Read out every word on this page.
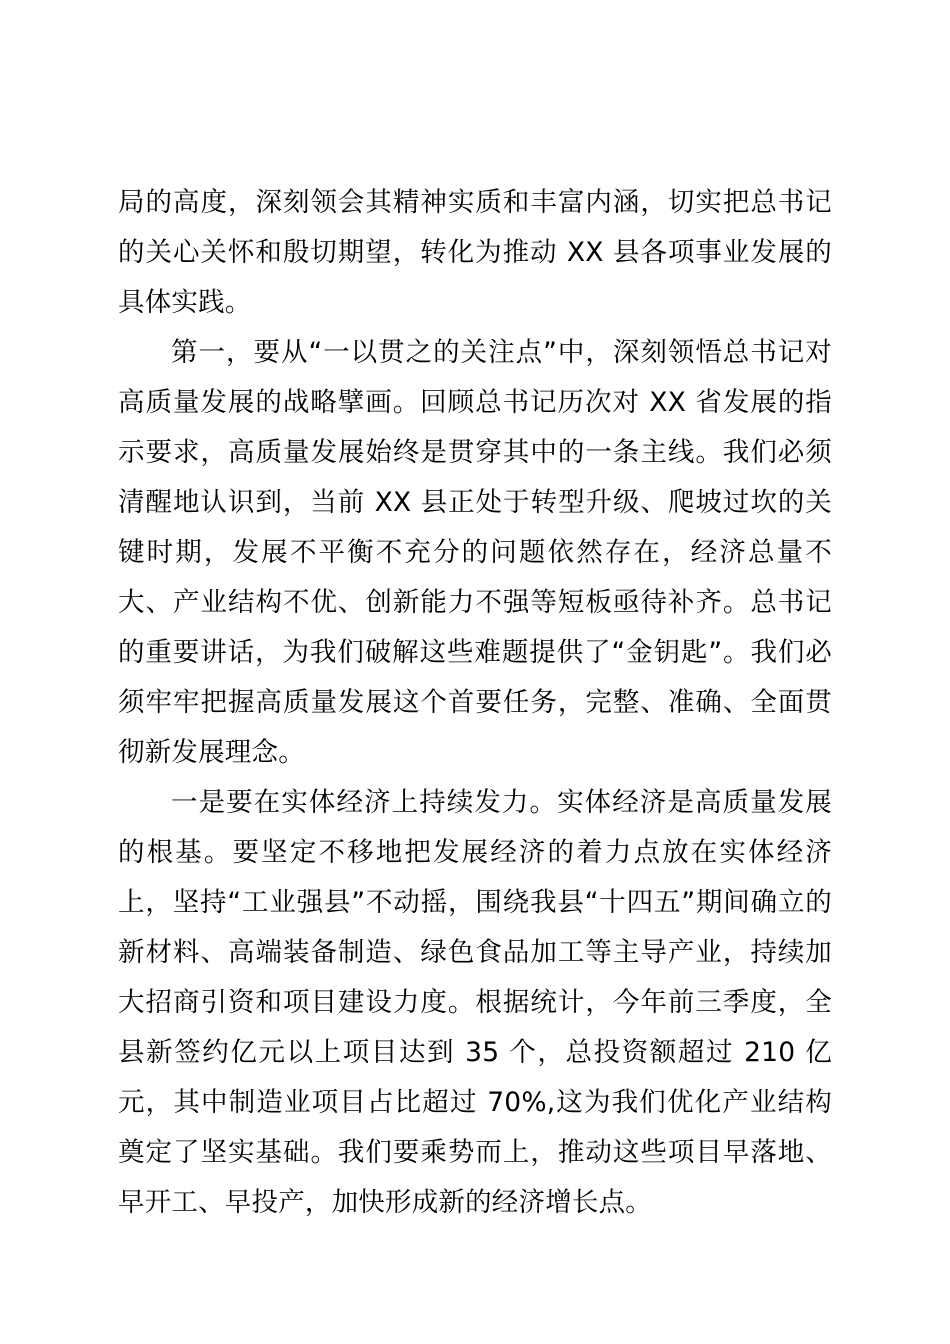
局的高度，深刻领会其精神实质和丰富内涵，切实把总书记的关心关怀和殷切期望，转化为推动 XX 县各项事业发展的具体实践。

第一，要从“一以贯之的关注点”中，深刻领悟总书记对高质量发展的战略擘画。回顾总书记历次对 XX 省发展的指示要求，高质量发展始终是贯穿其中的一条主线。我们必须清醒地认识到，当前 XX 县正处于转型升级、爬坡过坎的关键时期，发展不平衡不充分的问题依然存在，经济总量不大、产业结构不优、创新能力不强等短板亟待补齐。总书记的重要讲话，为我们破解这些难题提供了“金钥匙”。我们必须牢牢把握高质量发展这个首要任务，完整、准确、全面贯彻新发展理念。

一是要在实体经济上持续发力。实体经济是高质量发展的根基。要坚定不移地把发展经济的着力点放在实体经济上，坚持“工业强县”不动摇，围绕我县“十四五”期间确立的新材料、高端装备制造、绿色食品加工等主导产业，持续加大招商引资和项目建设力度。根据统计，今年前三季度，全县新签约亿元以上项目达到 35 个，总投资额超过 210 亿元，其中制造业项目占比超过 70%,这为我们优化产业结构奠定了坚实基础。我们要乘势而上，推动这些项目早落地、早开工、早投产，加快形成新的经济增长点。
